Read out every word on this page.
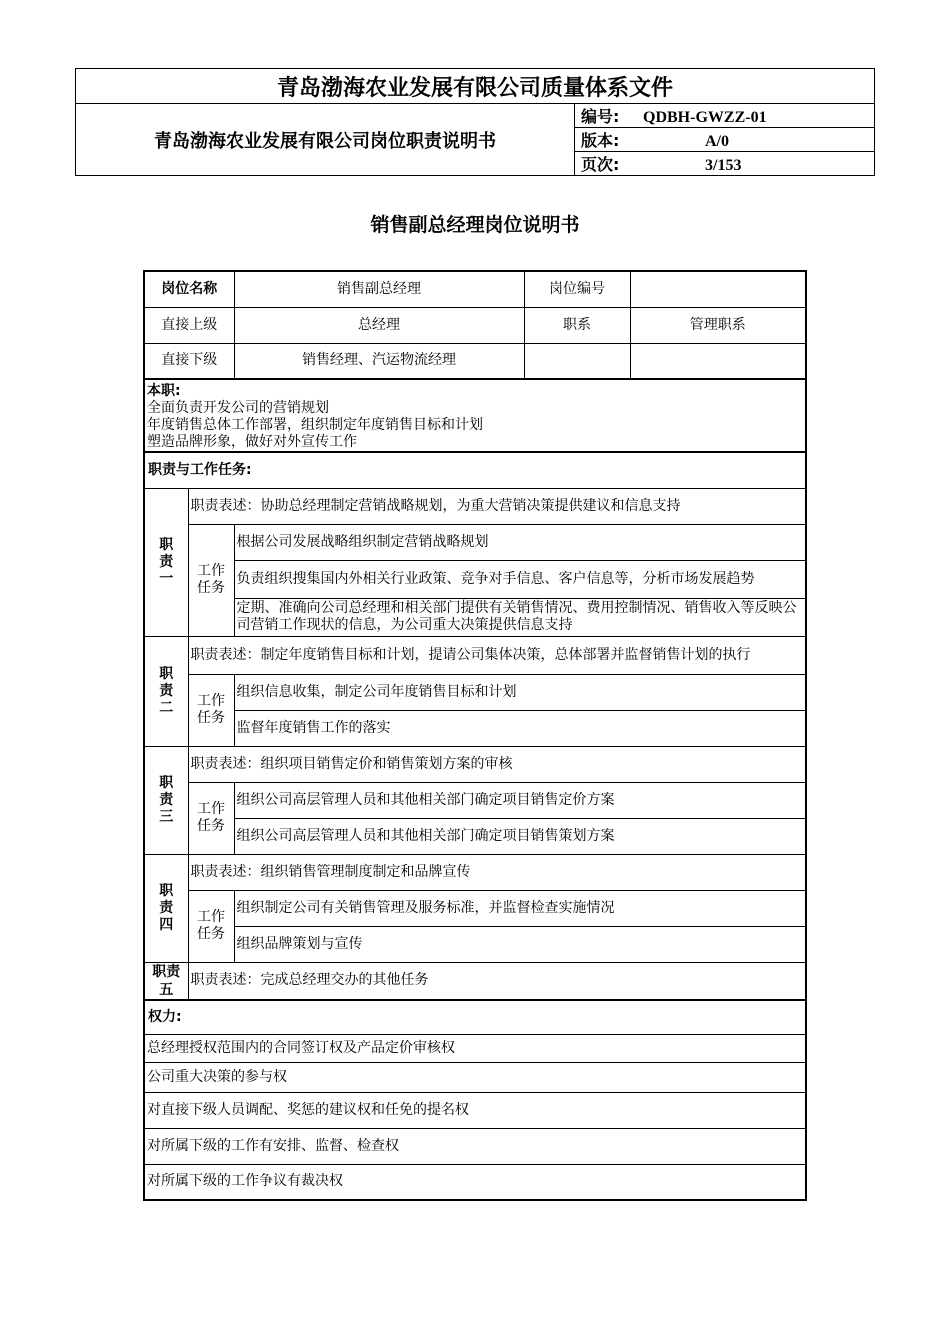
青岛渤海农业发展有限公司质量体系文件
青岛渤海农业发展有限公司岗位职责说明书	编号: QDBH-GWZZ-01
版本:	A/0
页次:	3/153
销售副总经理岗位说明书
岗位名称		销售副总经理	岗位编号	
直接上级		总经理	职系	管理职系
直接下级		销售经理、汽运物流经理		

本职:
全面负责开发公司的营销规划
年度销售总体工作部署，组织制定年度销售目标和计划
塑造品牌形象，做好对外宣传工作				

职责与工作任务:				

职责一	职责表述：协助总经理制定营销战略规划，为重大营销决策提供建议和信息支持			

	工作任务	根据公司发展战略组织制定营销战略规划		
		负责组织搜集国内外相关行业政策、竞争对手信息、客户信息等，分析市场发展趋势		
		定期、准确向公司总经理和相关部门提供有关销售情况、费用控制情况、销售收入等反映公司营销工作现状的信息，为公司重大决策提供信息支持		

职责二	职责表述：制定年度销售目标和计划，提请公司集体决策，总体部署并监督销售计划的执行			

	工作任务	组织信息收集，制定公司年度销售目标和计划		
		监督年度销售工作的落实		

职责三	职责表述：组织项目销售定价和销售策划方案的审核			

	工作任务	组织公司高层管理人员和其他相关部门确定项目销售定价方案		
		组织公司高层管理人员和其他相关部门确定项目销售策划方案		

职责四	职责表述：组织销售管理制度制定和品牌宣传			

	工作任务	组织制定公司有关销售管理及服务标准，并监督检查实施情况		
		组织品牌策划与宣传		

职责五	职责表述：完成总经理交办的其他任务			
权力:				
总经理授权范围内的合同签订权及产品定价审核权				
公司重大决策的参与权				
对直接下级人员调配、奖惩的建议权和任免的提名权				
对所属下级的工作有安排、监督、检查权				
对所属下级的工作争议有裁决权				
